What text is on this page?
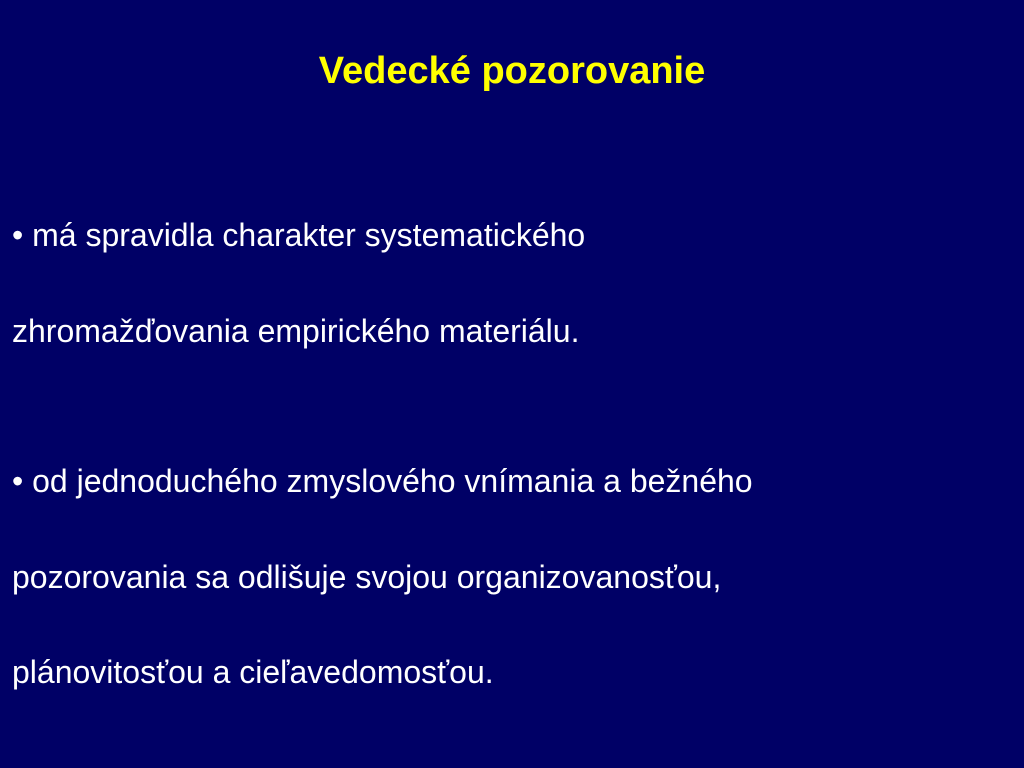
Vedecké pozorovanie

• má spravidla charakter systematického

zhromažďovania empirického materiálu.

• od jednoduchého zmyslového vnímania a bežného

pozorovania sa odlišuje svojou organizovanosťou,

plánovitosťou a cieľavedomosťou.
